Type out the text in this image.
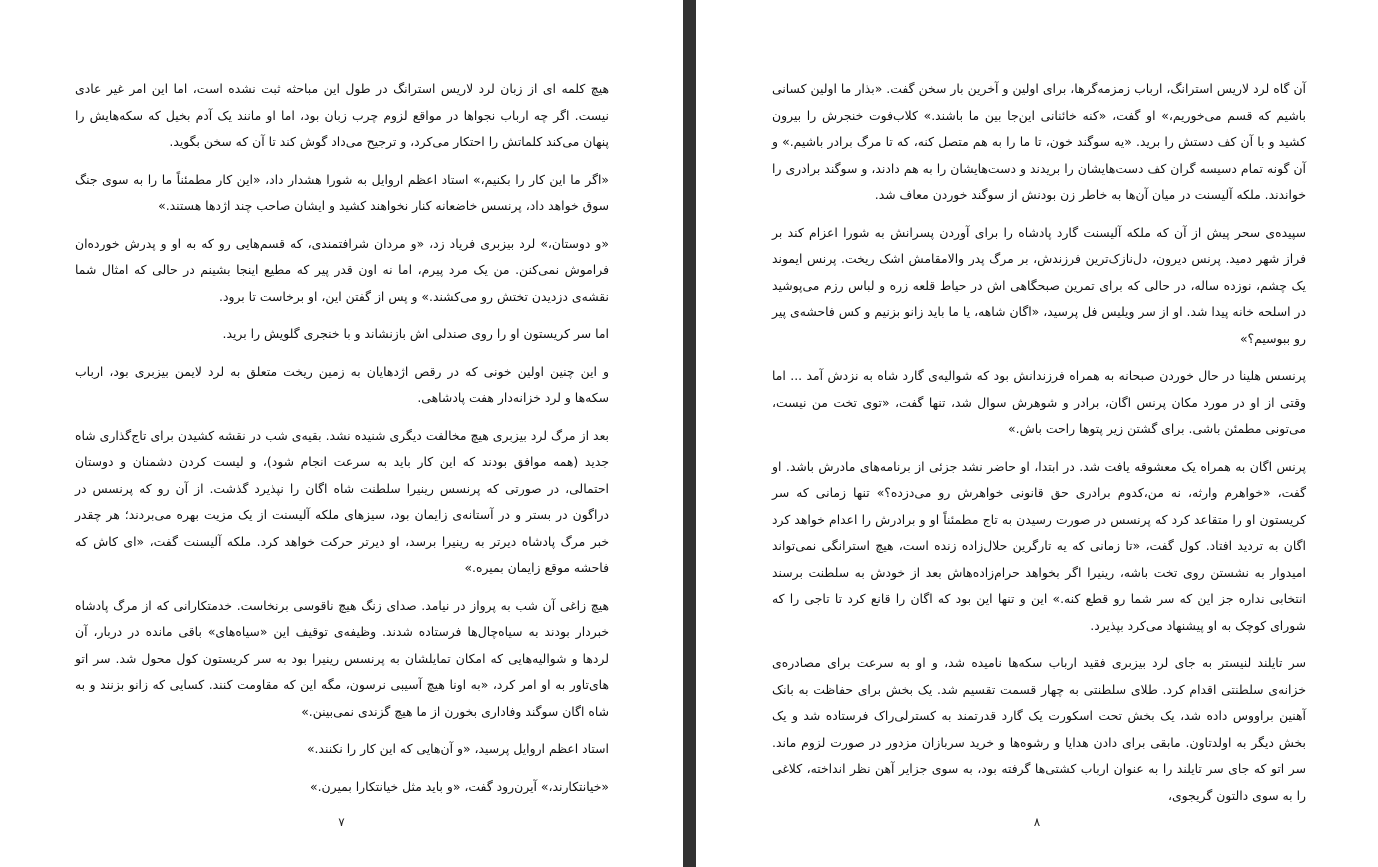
هیچ کلمه ای از زبان لرد لاریس استرانگ در طول این مباحثه ثبت نشده است، اما این امر غیر عادی نیست. اگر چه ارباب نجواها در مواقع لزوم چرب زبان بود، اما او مانند یک آدم بخیل که سکه‌هایش را پنهان می‌کند کلماتش را احتکار می‌کرد، و ترجیح می‌داد گوش کند تا آن که سخن بگوید.

«اگر ما این کار را بکنیم،» استاد اعظم اروایل به شورا هشدار داد، «این کار مطمئناً ما را به سوی جنگ سوق خواهد داد، پرنسس خاضعانه کنار نخواهند کشید و ایشان صاحب چند اژدها هستند.»

«و دوستان،» لرد بیزبری فریاد زد، «و مردان شرافتمندی، که قسم‌هایی رو که به او و پدرش خورده‌ان فراموش نمی‌کنن. من یک مرد پیرم، اما نه اون قدر پیر که مطیع اینجا بشینم در حالی که امثال شما نقشه‌ی دزدیدن تختش رو می‌کشند.» و پس از گفتن این، او برخاست تا برود.

اما سر کریستون او را روی صندلی اش بازنشاند و با خنجری گلویش را برید.

و این چنین اولین خونی که در رقص اژدهایان به زمین ریخت متعلق به لرد لایمن بیزبری بود، ارباب سکه‌ها و لرد خزانه‌دار هفت پادشاهی.

بعد از مرگ لرد بیزبری هیچ مخالفت دیگری شنیده نشد. بقیه‌ی شب در نقشه کشیدن برای تاج‌گذاری شاه جدید (همه موافق بودند که این کار باید به سرعت انجام شود)، و لیست کردن دشمنان و دوستان احتمالی، در صورتی که پرنسس رینیرا سلطنت شاه اگان را نپذیرد گذشت. از آن رو که پرنسس در دراگون در بستر و در آستانه‌ی زایمان بود، سیزهای ملکه آلیسنت از یک مزیت بهره می‌بردند؛ هر چقدر خبر مرگ پادشاه دیرتر به رینیرا برسد، او دیرتر حرکت خواهد کرد. ملکه آلیسنت گفت، «ای کاش که فاحشه موقع زایمان بمیره.»

هیچ زاغی آن شب به پرواز در نیامد. صدای زنگ هیچ ناقوسی برنخاست. خدمتکارانی که از مرگ پادشاه خبردار بودند به سیاه‌چال‌ها فرستاده شدند. وظیفه‌ی توقیف این «سیاه‌های» باقی مانده در دربار، آن لردها و شوالیه‌هایی که امکان تمایلشان به پرنسس رینیرا بود به سر کریستون کول محول شد. سر اتو های‌تاور به او امر کرد، «به اونا هیچ آسیبی نرسون، مگه این که مقاومت کنند. کسایی که زانو بزنند و به شاه اگان سوگند وفاداری بخورن از ما هیچ گزندی نمی‌بینن.»

استاد اعظم اروایل پرسید، «و آن‌هایی که این کار را نکنند.»

«خیانتکارند،» آیرن‌رود گفت، «و باید مثل خیانتکارا بمیرن.»

۷

آن گاه لرد لاریس استرانگ، ارباب زمزمه‌گرها، برای اولین و آخرین بار سخن گفت. «بذار ما اولین کسانی باشیم که قسم می‌خوریم،» او گفت، «کنه خائنانی این‌جا بین ما باشند.» کلاب‌فوت خنجرش را بیرون کشید و با آن کف دستش را برید. «یه سوگند خون، تا ما را به هم متصل کنه، که تا مرگ برادر باشیم.» و آن گونه تمام دسیسه گران کف دست‌هایشان را بریدند و دست‌هایشان را به هم دادند، و سوگند برادری را خواندند. ملکه آلیسنت در میان آن‌ها به خاطر زن بودنش از سوگند خوردن معاف شد.

سپیده‌ی سحر پیش از آن که ملکه آلیسنت گارد پادشاه را برای آوردن پسرانش به شورا اعزام کند بر فراز شهر دمید. پرنس دیرون، دل‌نازک‌ترین فرزندش، بر مرگ پدر والامقامش اشک ریخت. پرنس ایموند یک چشم، نوزده ساله، در حالی که برای تمرین صبحگاهی اش در حیاط قلعه زره و لباس رزم می‌پوشید در اسلحه خانه پیدا شد. او از سر ویلیس فل پرسید، «اگان شاهه، یا ما باید زانو بزنیم و کس فاحشه‌ی پیر رو ببوسیم؟»

پرنسس هلینا در حال خوردن صبحانه به همراه فرزندانش بود که شوالیه‌ی گارد شاه به نزدش آمد ... اما وقتی از او در مورد مکان پرنس اگان، برادر و شوهرش سوال شد، تنها گفت، «توی تخت من نیست، می‌تونی مطمئن باشی. برای گشتن زیر پتوها راحت باش.»

پرنس اگان به همراه یک معشوقه یافت شد. در ابتدا، او حاضر نشد جزئی از برنامه‌های مادرش باشد. او گفت، «خواهرم وارثه، نه من،کدوم برادری حق قانونی خواهرش رو می‌دزده؟» تنها زمانی که سر کریستون او را متقاعد کرد که پرنسس در صورت رسیدن به تاج مطمئناً او و برادرش را اعدام خواهد کرد اگان به تردید افتاد. کول گفت، «تا زمانی که یه تارگرین حلال‌زاده زنده است، هیچ استرانگی نمی‌تواند امیدوار به نشستن روی تخت باشه، رینیرا اگر بخواهد حرام‌زاده‌هاش بعد از خودش به سلطنت برسند انتخابی نداره جز این که سر شما رو قطع کنه.» این و تنها این بود که اگان را قانع کرد تا تاجی را که شورای کوچک به او پیشنهاد می‌کرد بپذیرد.

سر تایلند لنیستر به جای لرد بیزبری فقید ارباب سکه‌ها نامیده شد، و او به سرعت برای مصادره‌ی خزانه‌ی سلطنتی اقدام کرد. طلای سلطنتی به چهار قسمت تقسیم شد. یک بخش برای حفاظت به بانک آهنین براووس داده شد، یک بخش تحت اسکورت یک گارد قدرتمند به کسترلی‌راک فرستاده شد و یک بخش دیگر به اولدتاون. مابقی برای دادن هدایا و رشوه‌ها و خرید سربازان مزدور در صورت لزوم ماند. سر اتو که جای سر تایلند را به عنوان ارباب کشتی‌ها گرفته بود، به سوی جزایر آهن نظر انداخته، کلاغی را به سوی دالتون گریجوی،

۸
